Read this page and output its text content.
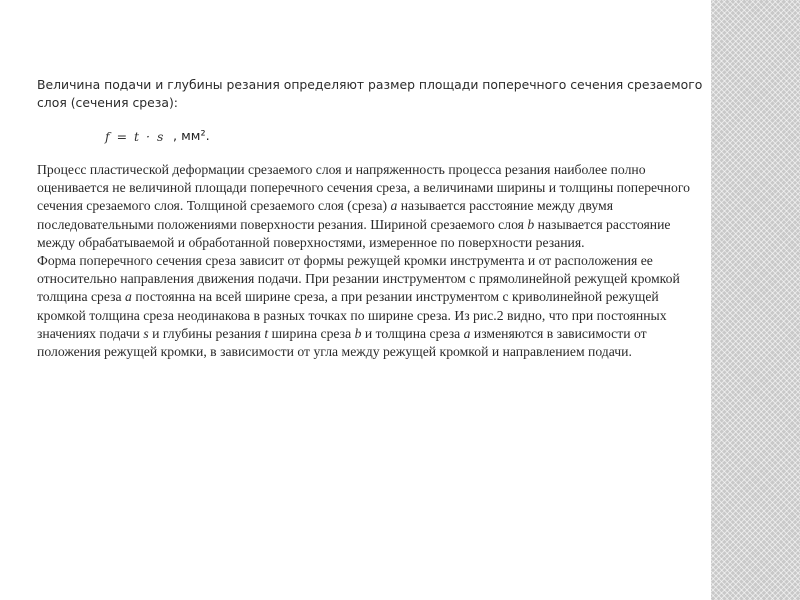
Величина подачи и глубины резания определяют размер площади поперечного сечения срезаемого слоя (сечения среза):

f = t · s , мм².

Процесс пластической деформации срезаемого слоя и напряженность процесса резания наиболее полно оценивается не величиной площади поперечного сечения среза, а величинами ширины и толщины поперечного сечения срезаемого слоя. Толщиной срезаемого слоя (среза) а называется расстояние между двумя последовательными положениями поверхности резания. Шириной срезаемого слоя b называется расстояние между обрабатываемой и обработанной поверхностями, измеренное по поверхности резания.

Форма поперечного сечения среза зависит от формы режущей кромки инструмента и от расположения ее относительно направления движения подачи. При резании инструментом с прямолинейной режущей кромкой толщина среза а постоянна на всей ширине среза, а при резании инструментом с криволинейной режущей кромкой толщина среза неодинакова в разных точках по ширине среза. Из рис.2 видно, что при постоянных значениях подачи s и глубины резания t ширина среза b и толщина среза а изменяются в зависимости от положения режущей кромки, в зависимости от угла между режущей кромкой и направлением подачи.
